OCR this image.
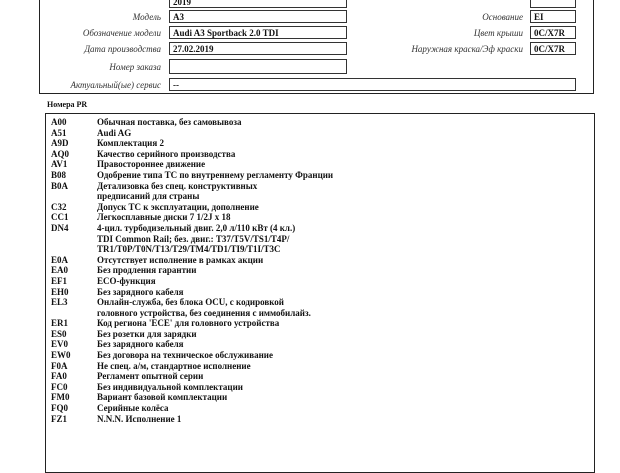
2019
Модель	A3	Основание	EI
Обозначение модели	Audi A3 Sportback 2.0 TDI	Цвет крыши	0C/X7R
Дата производства	27.02.2019	Наружная краска/Эф краски	0C/X7R
Номер заказа
Актуальный(ые) сервис	--
Номера PR
A00	Обычная поставка, без самовывоза
A51	Audi AG
A9D	Комплектация 2
AQ0	Качество серийного производства
AV1	Правостороннее движение
B08	Одобрение типа ТС по внутреннему регламенту Франции
B0A	Детализовка без спец. конструктивных
предписаний для страны
C32	Допуск ТС к эксплуатации, дополнение
CC1	Легкосплавные диски 7 1/2J x 18
DN4	4-цил. турбодизельный двиг. 2,0 л/110 кВт (4 кл.)
TDI Common Rail; без. двиг.: T37/T5V/TS1/T4P/
TR1/T0P/T0N/T13/T29/TM4/TD1/TI9/T1I/T3C
E0A	Отсутствует исполнение в рамках акции
EA0	Без продления гарантии
EF1	ECO-функция
EH0	Без зарядного кабеля
EL3	Онлайн-служба, без блока OCU, с кодировкой
головного устройства, без соединения с иммобилайз.
ER1	Код региона 'ECE' для головного устройства
ES0	Без розетки для зарядки
EV0	Без зарядного кабеля
EW0	Без договора на техническое обслуживание
F0A	Не спец. а/м, стандартное исполнение
FA0	Регламент опытной серии
FC0	Без индивидуальной комплектации
FM0	Вариант базовой комплектации
FQ0	Серийные колёса
FZ1	N.N.N. Исполнение 1
